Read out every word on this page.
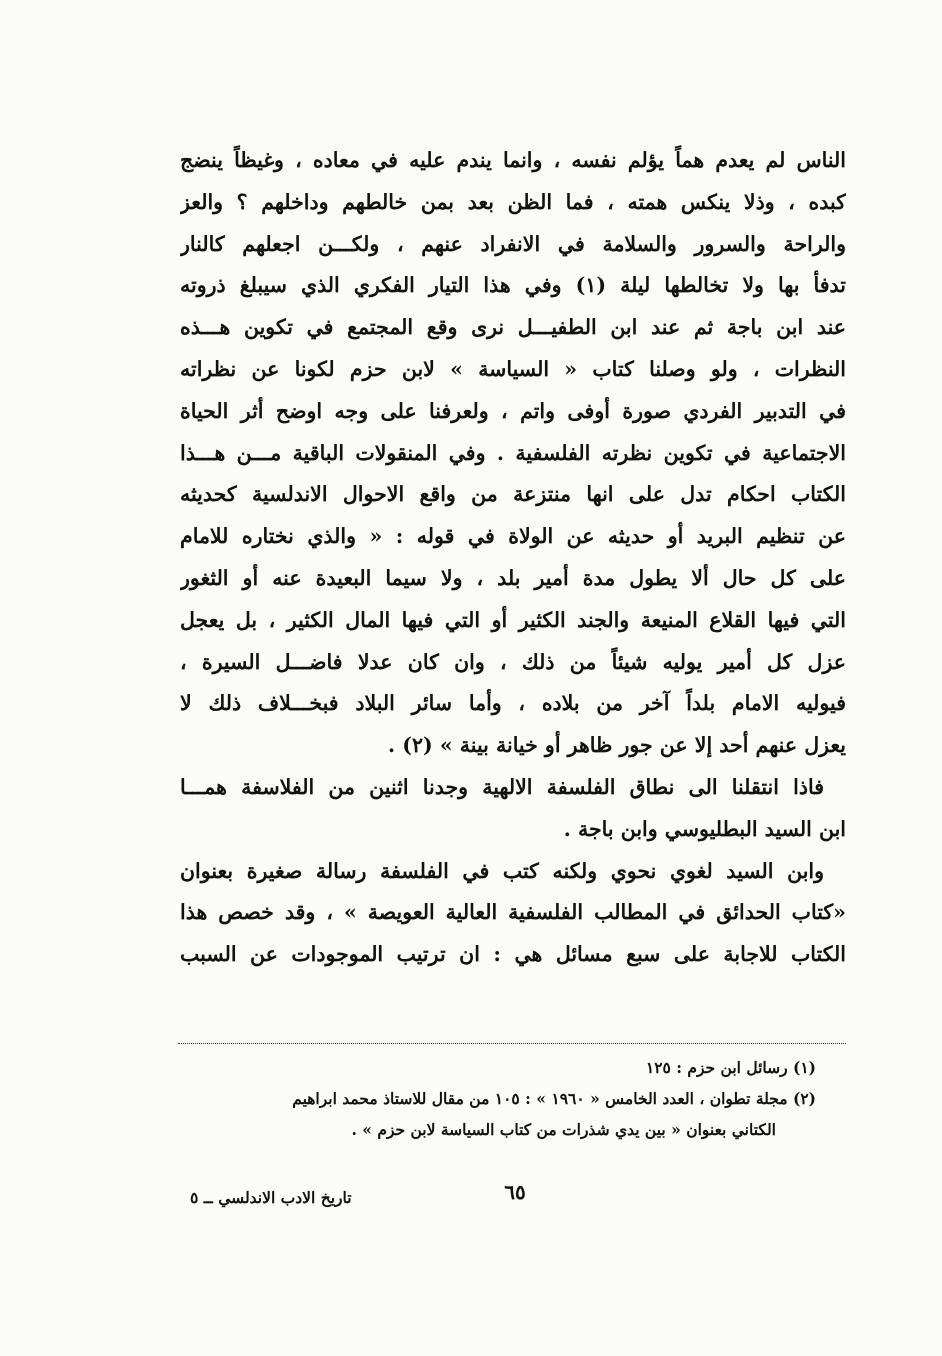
الناس لم يعدم هماً يؤلم نفسه ، وانما يندم عليه في معاده ، وغيظاً ينضج
كبده ، وذلا ينكس همته ، فما الظن بعد بمن خالطهم وداخلهم ؟ والعز
والراحة والسرور والسلامة في الانفراد عنهم ، ولكـــن اجعلهم كالنار
تدفأ بها ولا تخالطها ليلة (١) وفي هذا التيار الفكري الذي سيبلغ ذروته
عند ابن باجة ثم عند ابن الطفيـــل نرى وقع المجتمع في تكوين هـــذه
النظرات ، ولو وصلنا كتاب « السياسة » لابن حزم لكونا عن نظراته
في التدبير الفردي صورة أوفى واتم ، ولعرفنا على وجه اوضح أثر الحياة
الاجتماعية في تكوين نظرته الفلسفية . وفي المنقولات الباقية مـــن هـــذا
الكتاب احكام تدل على انها منتزعة من واقع الاحوال الاندلسية كحديثه
عن تنظيم البريد أو حديثه عن الولاة في قوله : « والذي نختاره للامام
على كل حال ألا يطول مدة أمير بلد ، ولا سيما البعيدة عنه أو الثغور
التي فيها القلاع المنيعة والجند الكثير أو التي فيها المال الكثير ، بل يعجل
عزل كل أمير يوليه شيئاً من ذلك ، وان كان عدلا فاضـــل السيرة ،
فيوليه الامام بلداً آخر من بلاده ، وأما سائر البلاد فبخـــلاف ذلك لا
يعزل عنهم أحد إلا عن جور ظاهر أو خيانة بينة » (٢) .
فاذا انتقلنا الى نطاق الفلسفة الالهية وجدنا اثنين من الفلاسفة همـــا
ابن السيد البطليوسي وابن باجة .
وابن السيد لغوي نحوي ولكنه كتب في الفلسفة رسالة صغيرة بعنوان
«كتاب الحدائق في المطالب الفلسفية العالية العويصة » ، وقد خصص هذا
الكتاب للاجابة على سبع مسائل هي : ان ترتيب الموجودات عن السبب
(١) رسائل ابن حزم : ١٢٥
(٢) مجلة تطوان ، العدد الخامس « ١٩٦٠ » : ١٠٥ من مقال للاستاذ محمد ابراهيم
الكتاني بعنوان « بين يدي شذرات من كتاب السياسة لابن حزم » .
٦٥
تاريخ الادب الاندلسي ــ ٥
